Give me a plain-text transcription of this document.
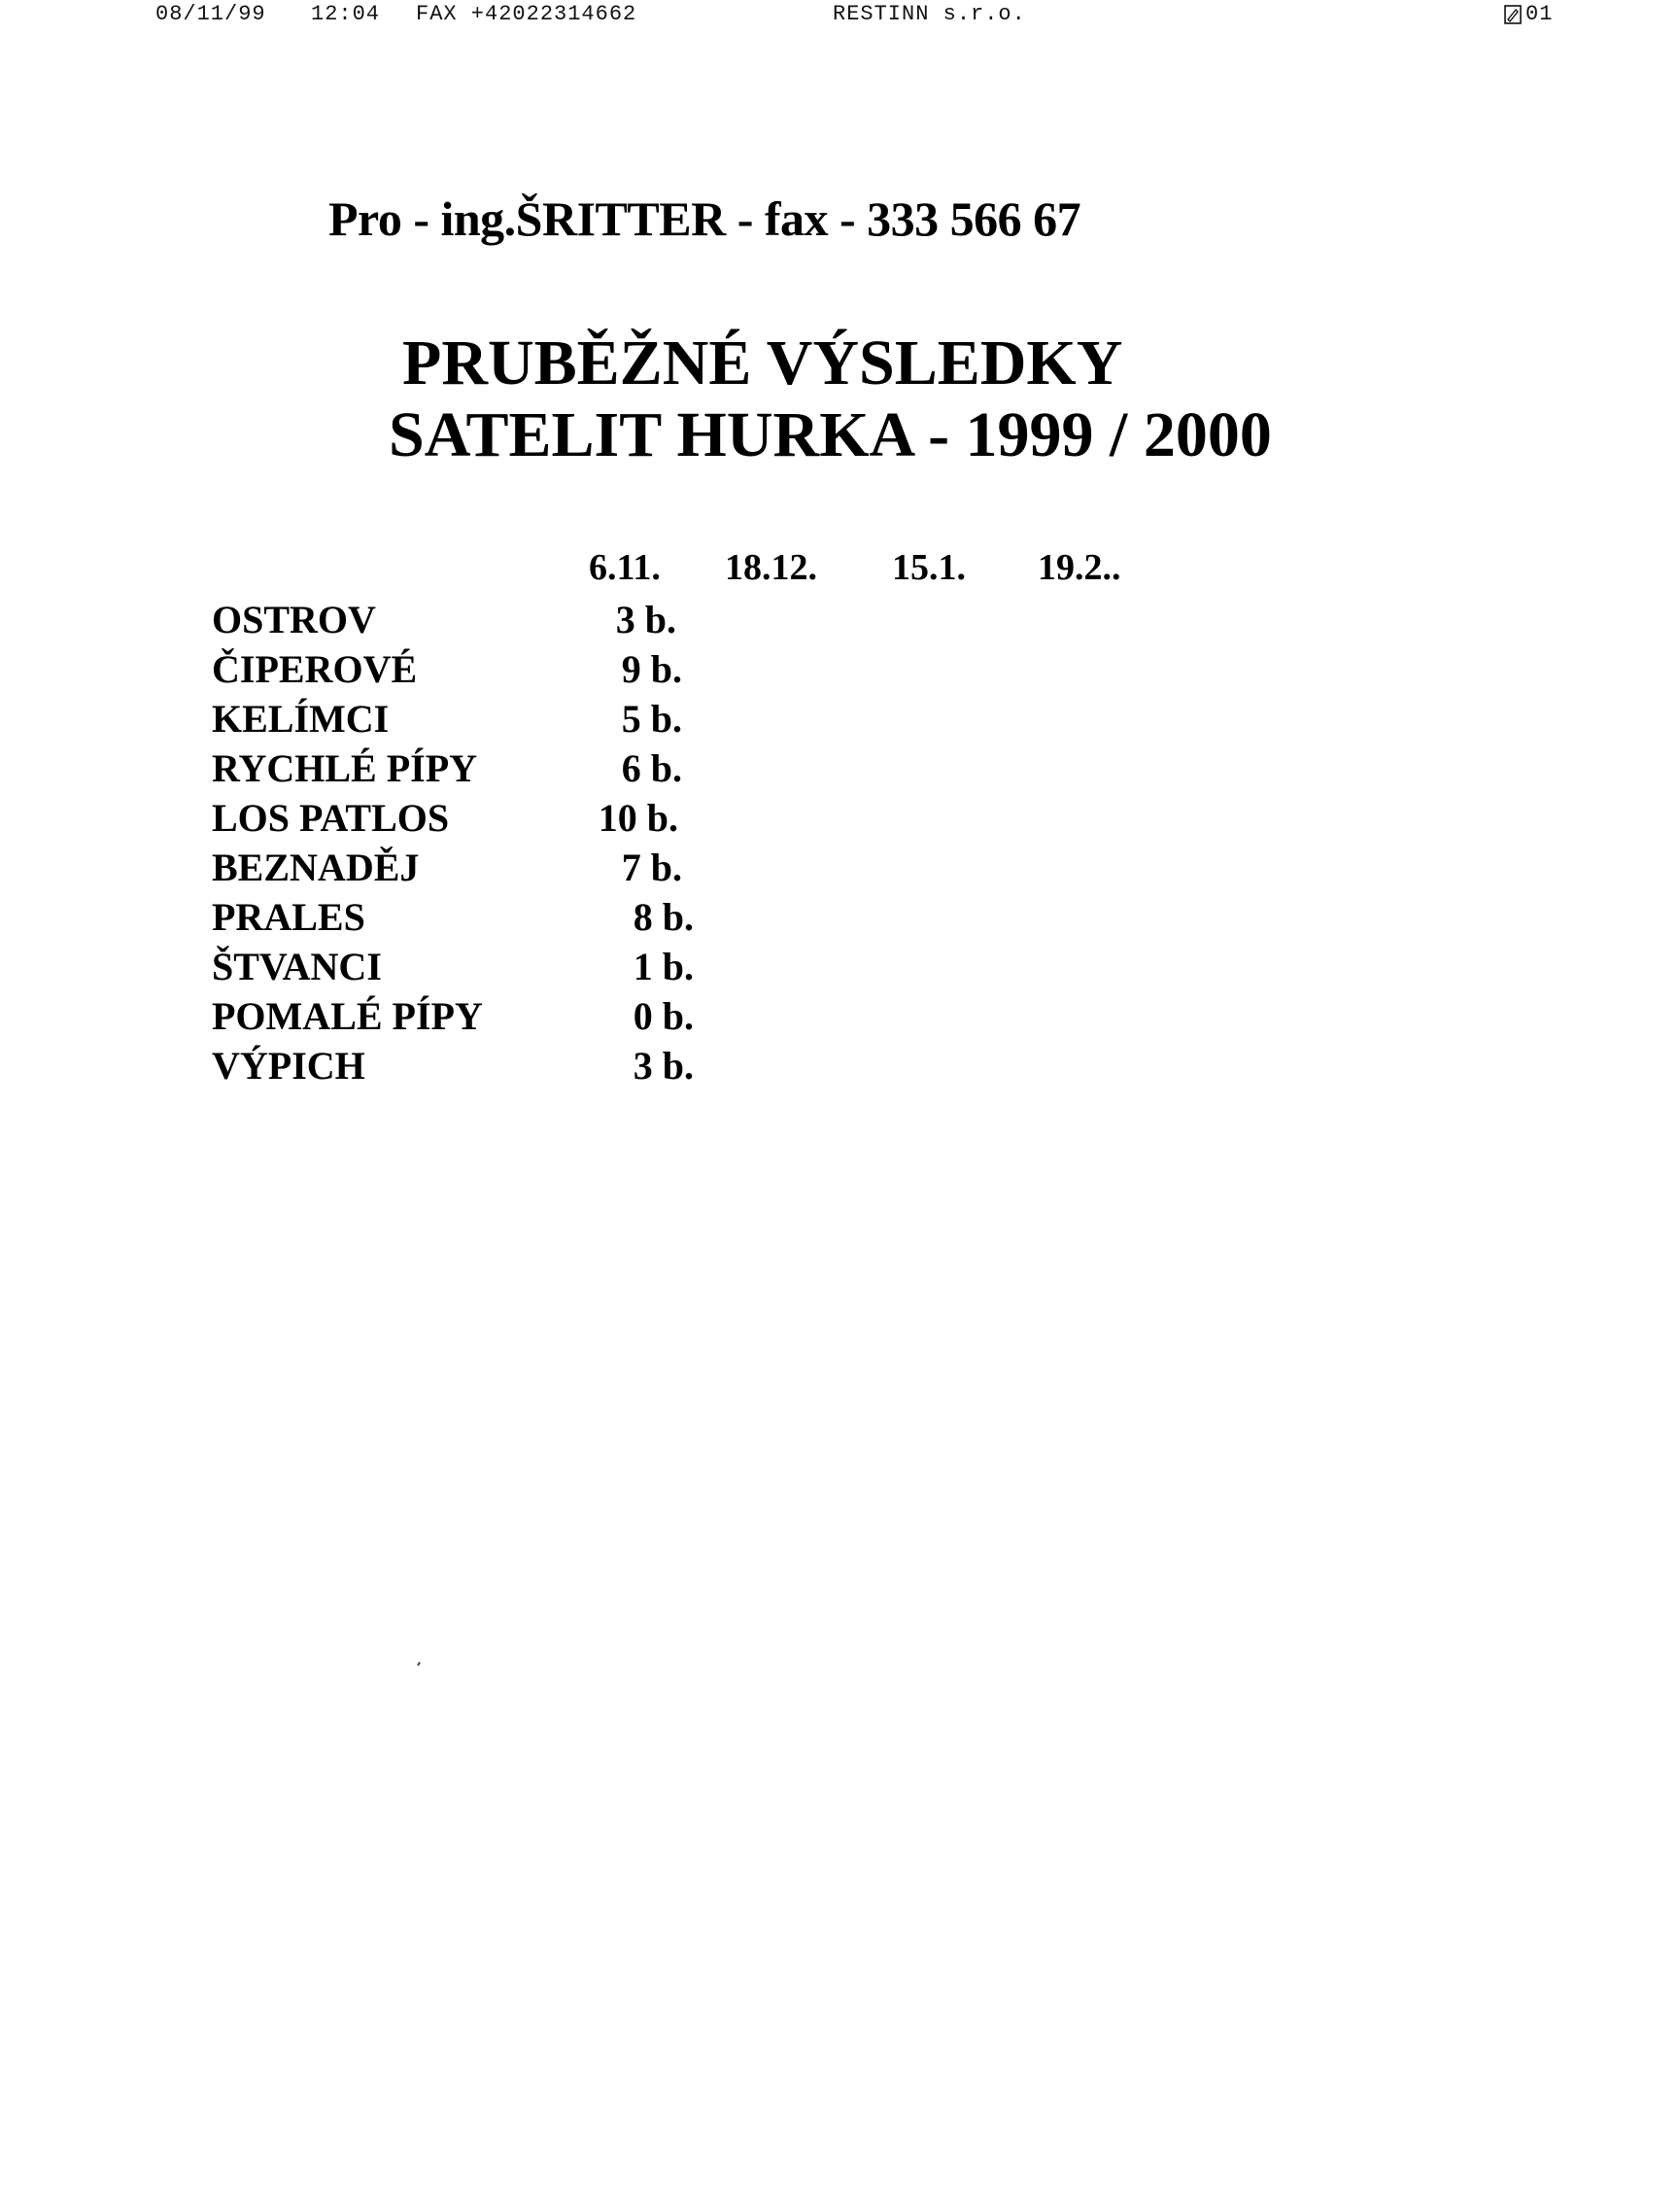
08/11/99 12:04 FAX +42022314662	RESTINN s.r.o.	01
Pro - ing.ŠRITTER - fax - 333 566 67
PRUBĚŽNÉ VÝSLEDKY
SATELIT HURKA - 1999 / 2000
6.11. 18.12. 15.1. 19.2..
OSTROV	3 b.
ČIPEROVÉ	9 b.
KELÍMCI	5 b.
RYCHLÉ PÍPY	6 b.
LOS PATLOS	10 b.
BEZNADĚJ	7 b.
PRALES	8 b.
ŠTVANCI	1 b.
POMALÉ PÍPY	0 b.
VÝPICH	3 b.
